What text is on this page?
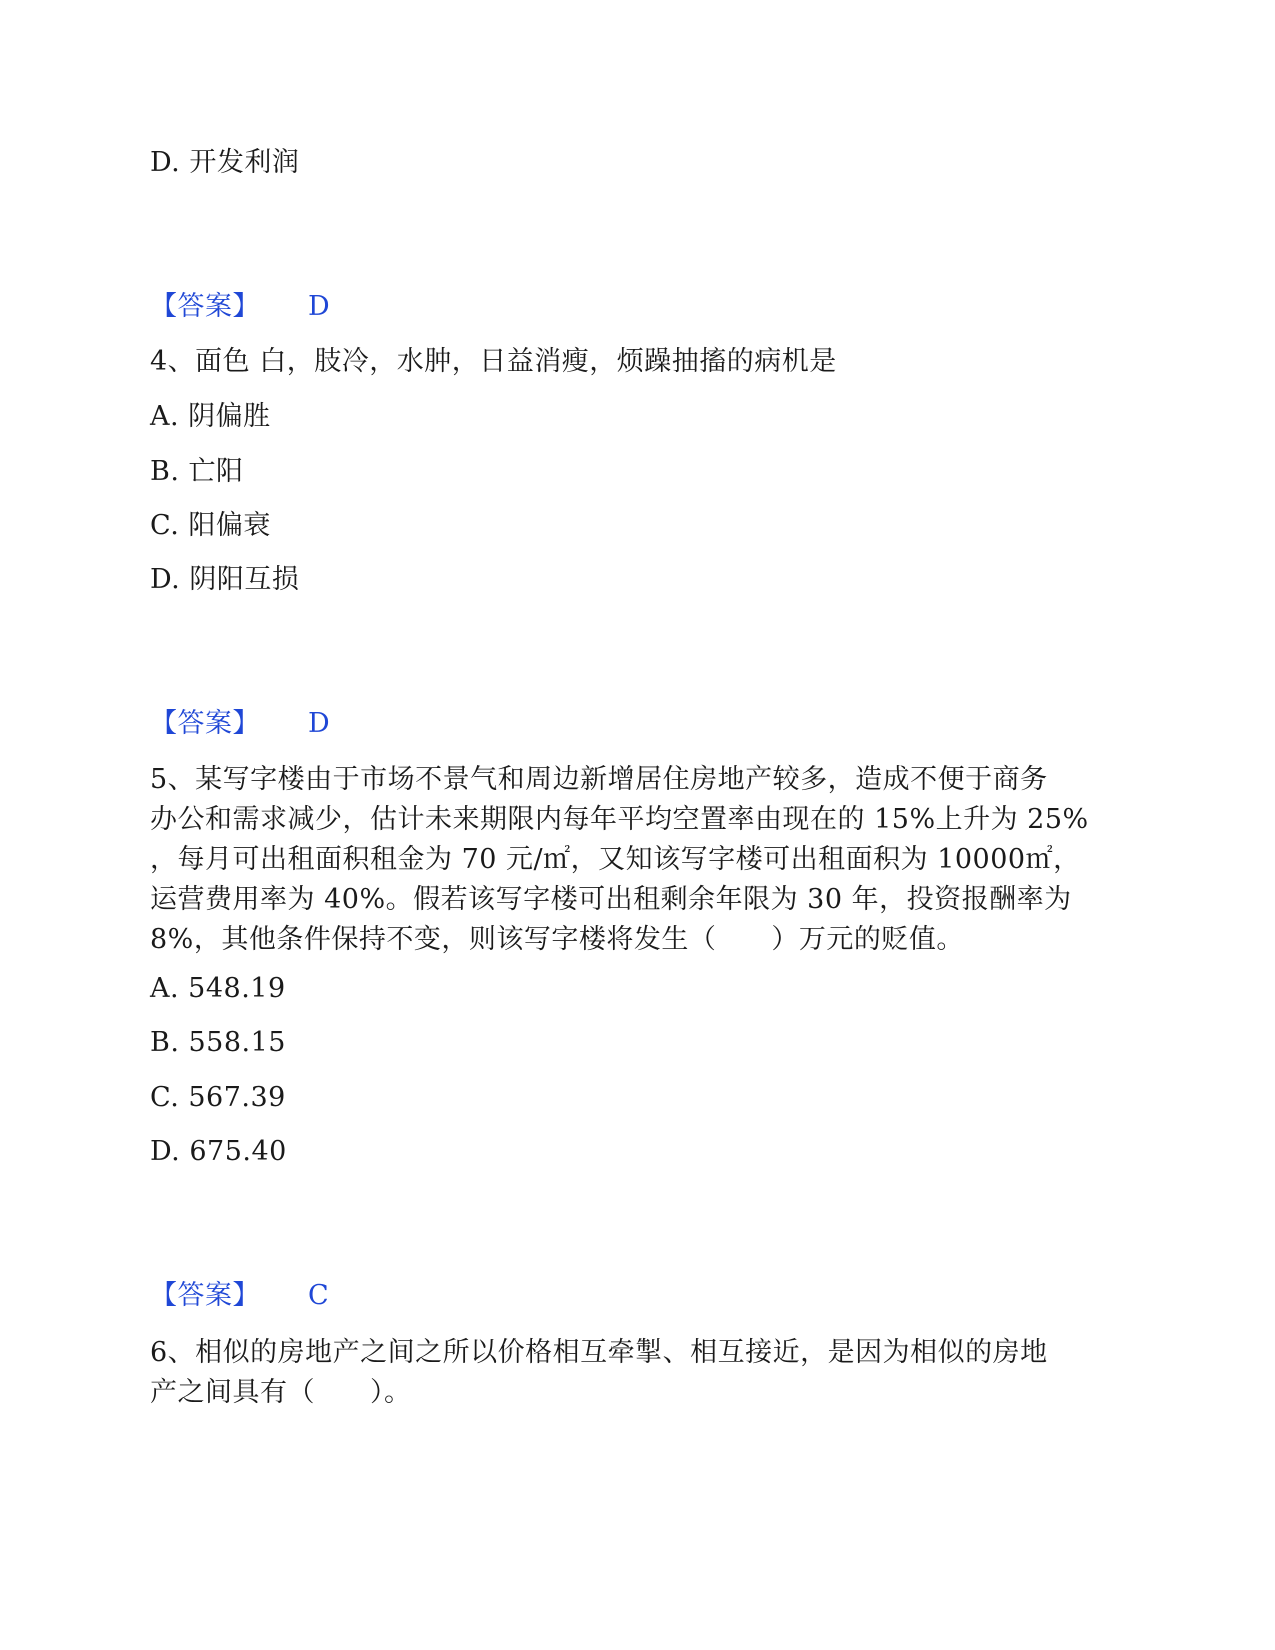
D. 开发利润
【答案】 D
4、面色 白，肢冷，水肿，日益消瘦，烦躁抽搐的病机是
A. 阴偏胜
B. 亡阳
C. 阳偏衰
D. 阴阳互损
【答案】 D
5、某写字楼由于市场不景气和周边新增居住房地产较多，造成不便于商务
办公和需求减少，估计未来期限内每年平均空置率由现在的 15%上升为 25%
，每月可出租面积租金为 70 元/㎡，又知该写字楼可出租面积为 10000㎡，
运营费用率为 40%。假若该写字楼可出租剩余年限为 30 年，投资报酬率为
8%，其他条件保持不变，则该写字楼将发生（　　）万元的贬值。
A. 548.19
B. 558.15
C. 567.39
D. 675.40
【答案】 C
6、相似的房地产之间之所以价格相互牵掣、相互接近，是因为相似的房地
产之间具有（　　）。
